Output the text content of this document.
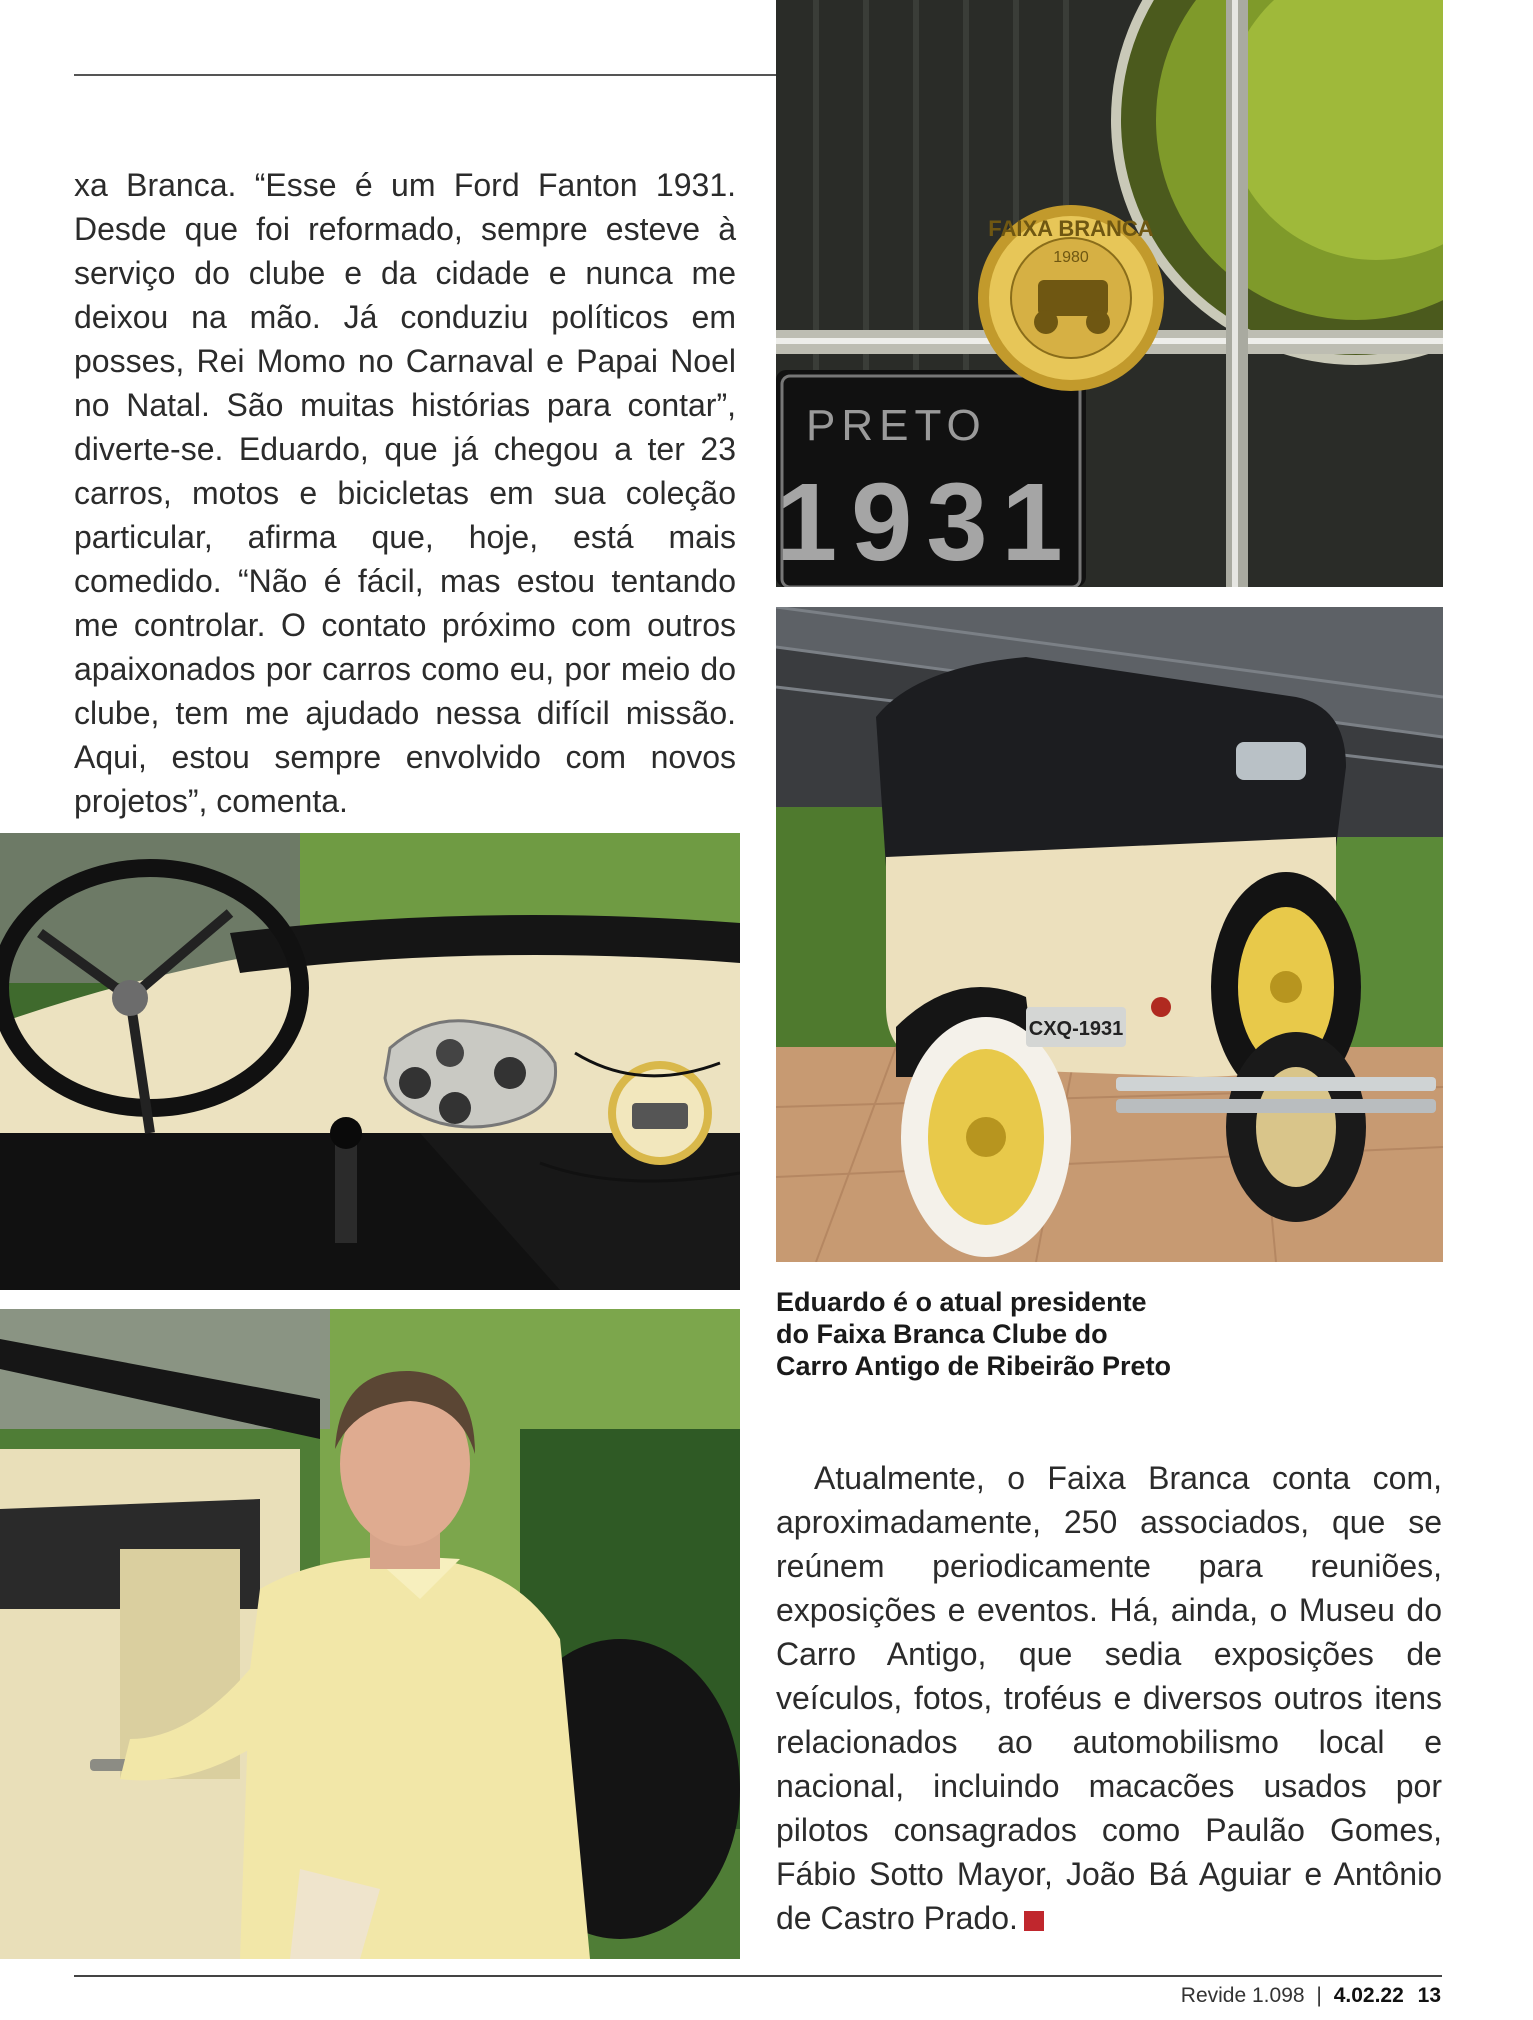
xa Branca. “Esse é um Ford Fanton 1931. Desde que foi reformado, sempre esteve à serviço do clube e da cidade e nunca me deixou na mão. Já conduziu políticos em posses, Rei Momo no Carnaval e Papai Noel no Natal. São muitas histórias para contar”, diverte-se. Eduardo, que já chegou a ter 23 carros, motos e bicicletas em sua coleção particular, afirma que, hoje, está mais comedido. “Não é fácil, mas estou tentando me controlar. O contato próximo com outros apaixonados por carros como eu, por meio do clube, tem me ajudado nessa difícil missão. Aqui, estou sempre envolvido com novos projetos”, comenta.

PRETO
1931
FAIXA BRANCA
1980
CXQ-1931
Eduardo é o atual presidente
do Faixa Branca Clube do
Carro Antigo de Ribeirão Preto

Atualmente, o Faixa Branca conta com, aproximadamente, 250 associados, que se reúnem periodicamente para reuniões, exposições e eventos. Há, ainda, o Museu do Carro Antigo, que sedia exposições de veículos, fotos, troféus e diversos outros itens relacionados ao automobilismo local e nacional, incluindo macacões usados por pilotos consagrados como Paulão Gomes, Fábio Sotto Mayor, João Bá Aguiar e Antônio de Castro Prado.	R

Revide 1.098 | 4.02.22 13
